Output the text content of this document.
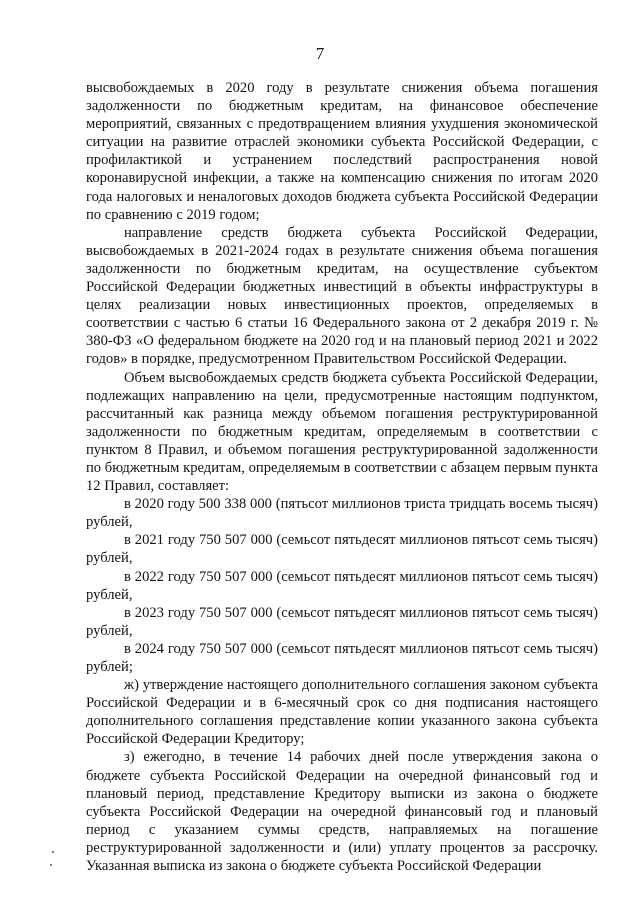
7

высвобождаемых в 2020 году в результате снижения объема погашения задолженности по бюджетным кредитам, на финансовое обеспечение мероприятий, связанных с предотвращением влияния ухудшения экономической ситуации на развитие отраслей экономики субъекта Российской Федерации, с профилактикой и устранением последствий распространения новой коронавирусной инфекции, а также на компенсацию снижения по итогам 2020 года налоговых и неналоговых доходов бюджета субъекта Российской Федерации по сравнению с 2019 годом;

направление средств бюджета субъекта Российской Федерации, высвобождаемых в 2021-2024 годах в результате снижения объема погашения задолженности по бюджетным кредитам, на осуществление субъектом Российской Федерации бюджетных инвестиций в объекты инфраструктуры в целях реализации новых инвестиционных проектов, определяемых в соответствии с частью 6 статьи 16 Федерального закона от 2 декабря 2019 г. № 380-ФЗ «О федеральном бюджете на 2020 год и на плановый период 2021 и 2022 годов» в порядке, предусмотренном Правительством Российской Федерации.

Объем высвобождаемых средств бюджета субъекта Российской Федерации, подлежащих направлению на цели, предусмотренные настоящим подпунктом, рассчитанный как разница между объемом погашения реструктурированной задолженности по бюджетным кредитам, определяемым в соответствии с пунктом 8 Правил, и объемом погашения реструктурированной задолженности по бюджетным кредитам, определяемым в соответствии с абзацем первым пункта 12 Правил, составляет:

в 2020 году 500 338 000 (пятьсот миллионов триста тридцать восемь тысяч) рублей,

в 2021 году 750 507 000 (семьсот пятьдесят миллионов пятьсот семь тысяч) рублей,

в 2022 году 750 507 000 (семьсот пятьдесят миллионов пятьсот семь тысяч) рублей,

в 2023 году 750 507 000 (семьсот пятьдесят миллионов пятьсот семь тысяч) рублей,

в 2024 году 750 507 000 (семьсот пятьдесят миллионов пятьсот семь тысяч) рублей;

ж) утверждение настоящего дополнительного соглашения законом субъекта Российской Федерации и в 6-месячный срок со дня подписания настоящего дополнительного соглашения представление копии указанного закона субъекта Российской Федерации Кредитору;

з) ежегодно, в течение 14 рабочих дней после утверждения закона о бюджете субъекта Российской Федерации на очередной финансовый год и плановый период, представление Кредитору выписки из закона о бюджете субъекта Российской Федерации на очередной финансовый год и плановый период с указанием суммы средств, направляемых на погашение реструктурированной задолженности и (или) уплату процентов за рассрочку. Указанная выписка из закона о бюджете субъекта Российской Федерации
